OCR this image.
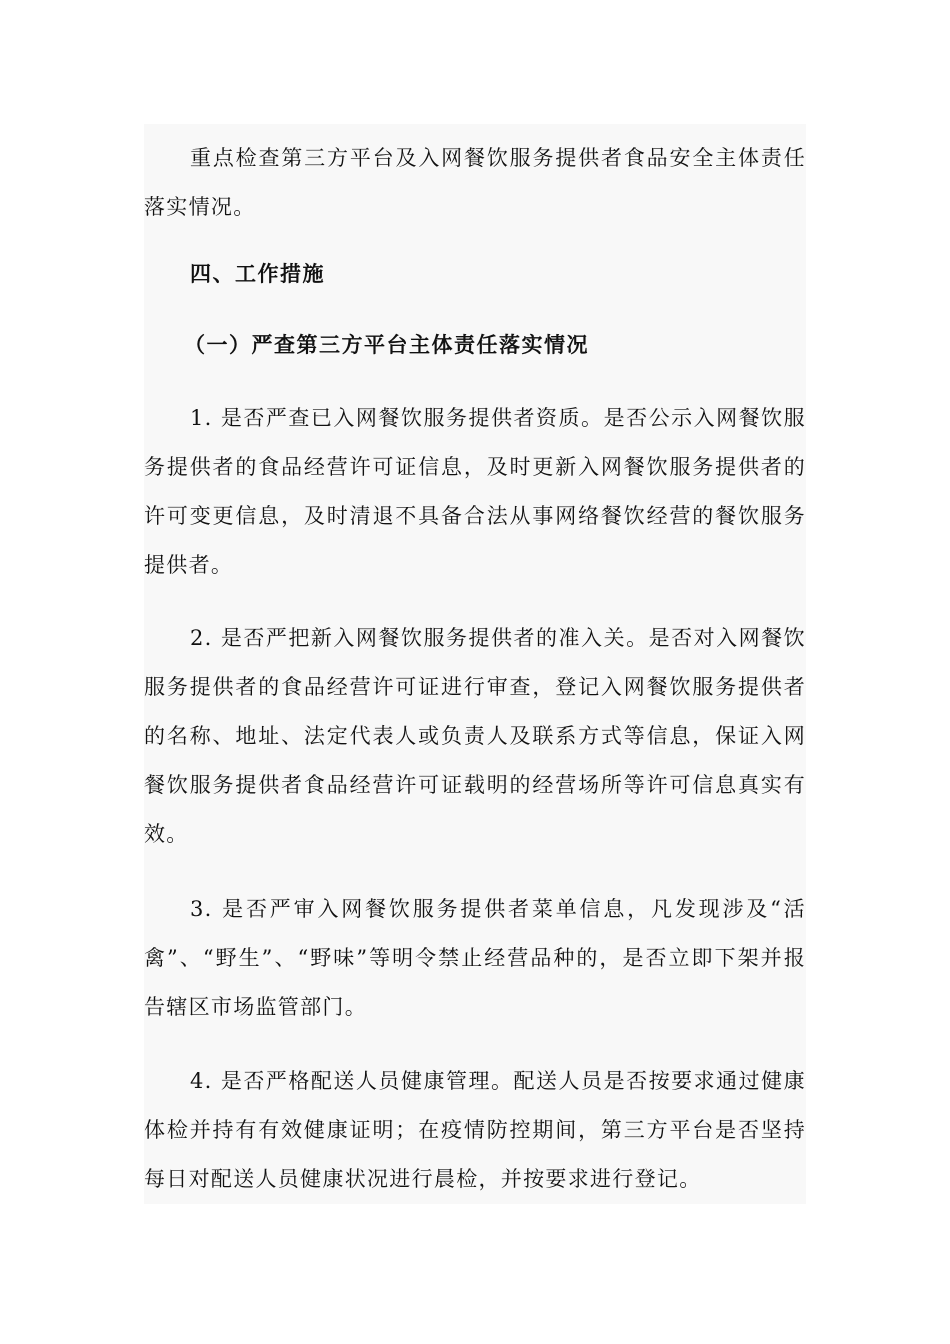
重点检查第三方平台及入网餐饮服务提供者食品安全主体责任落实情况。

四、工作措施

（一）严查第三方平台主体责任落实情况

1. 是否严查已入网餐饮服务提供者资质。是否公示入网餐饮服务提供者的食品经营许可证信息，及时更新入网餐饮服务提供者的许可变更信息，及时清退不具备合法从事网络餐饮经营的餐饮服务提供者。

2. 是否严把新入网餐饮服务提供者的准入关。是否对入网餐饮服务提供者的食品经营许可证进行审查，登记入网餐饮服务提供者的名称、地址、法定代表人或负责人及联系方式等信息，保证入网餐饮服务提供者食品经营许可证载明的经营场所等许可信息真实有效。

3. 是否严审入网餐饮服务提供者菜单信息，凡发现涉及“活禽”、“野生”、“野味”等明令禁止经营品种的，是否立即下架并报告辖区市场监管部门。

4. 是否严格配送人员健康管理。配送人员是否按要求通过健康体检并持有有效健康证明；在疫情防控期间，第三方平台是否坚持每日对配送人员健康状况进行晨检，并按要求进行登记。
